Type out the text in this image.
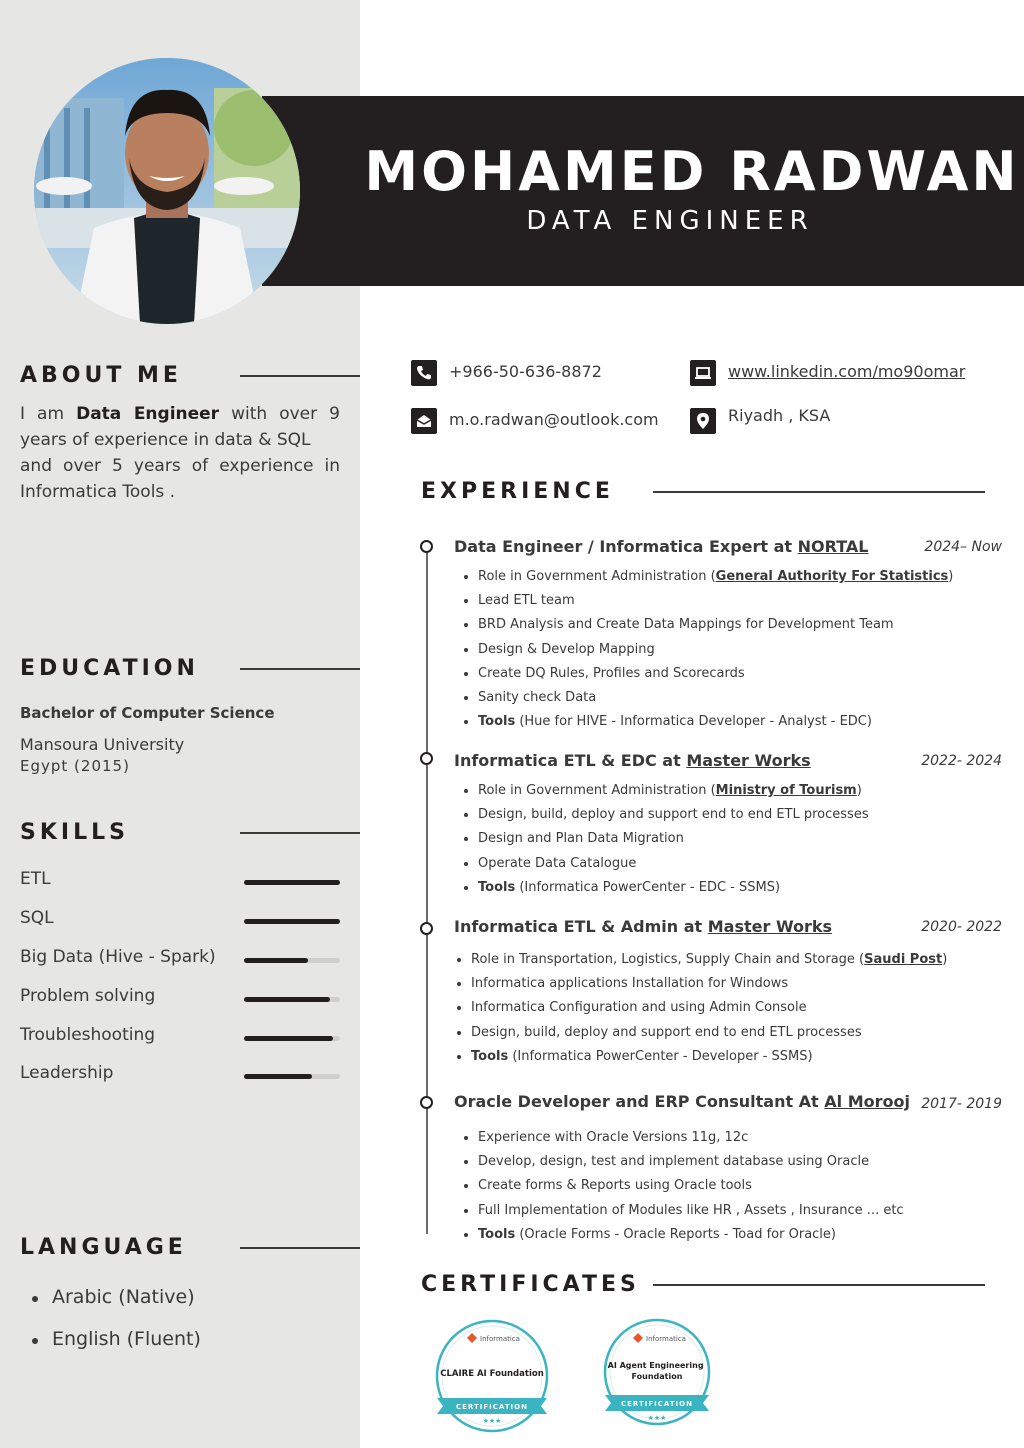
MOHAMED RADWAN
DATA ENGINEER
ABOUT ME
I am Data Engineer with over 9 years of experience in data & SQL
and over 5 years of experience in Informatica Tools .
EDUCATION
Bachelor of Computer Science
Mansoura University
Egypt (2015)
SKILLS
ETL
SQL
Big Data (Hive - Spark)
Problem solving
Troubleshooting
Leadership
LANGUAGE
Arabic (Native)
English (Fluent)
+966-50-636-8872
m.o.radwan@outlook.com
www.linkedin.com/mo90omar
Riyadh , KSA
EXPERIENCE
Data Engineer / Informatica Expert at NORTAL	2024– Now
Role in Government Administration (General Authority For Statistics)
Lead ETL team
BRD Analysis and Create Data Mappings for Development Team
Design & Develop Mapping
Create DQ Rules, Profiles and Scorecards
Sanity check Data
Tools (Hue for HIVE - Informatica Developer - Analyst - EDC)
Informatica ETL & EDC at Master Works	2022- 2024
Role in Government Administration (Ministry of Tourism)
Design, build, deploy and support end to end ETL processes
Design and Plan Data Migration
Operate Data Catalogue
Tools (Informatica PowerCenter - EDC - SSMS)
Informatica ETL & Admin at Master Works	2020- 2022
Role in Transportation, Logistics, Supply Chain and Storage (Saudi Post)
Informatica applications Installation for Windows
Informatica Configuration and using Admin Console
Design, build, deploy and support end to end ETL processes
Tools (Informatica PowerCenter - Developer - SSMS)
Oracle Developer and ERP Consultant At Al Morooj 2017- 2019
Experience with Oracle Versions 11g, 12c
Develop, design, test and implement database using Oracle
Create forms & Reports using Oracle tools
Full Implementation of Modules like HR , Assets , Insurance ... etc
Tools (Oracle Forms - Oracle Reports - Toad for Oracle)
CERTIFICATES
Informatica
CLAIRE AI Foundation
CERTIFICATION
★★★
Informatica
AI Agent Engineering Foundation
CERTIFICATION
★★★
